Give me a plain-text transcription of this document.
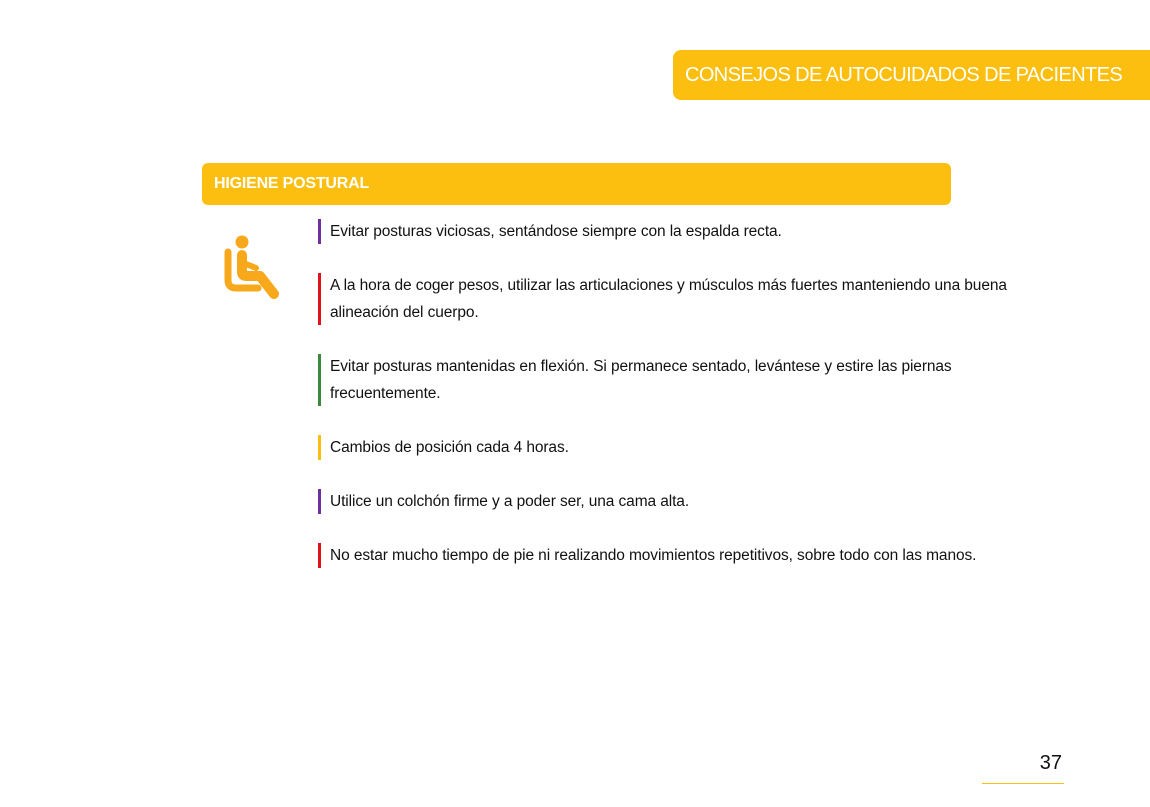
CONSEJOS DE AUTOCUIDADOS DE PACIENTES
HIGIENE POSTURAL
Evitar posturas viciosas, sentándose siempre con la espalda recta.
A la hora de coger pesos, utilizar las articulaciones y músculos más fuertes manteniendo una buena alineación del cuerpo.
Evitar posturas mantenidas en flexión. Si permanece sentado, levántese y estire las piernas frecuentemente.
Cambios de posición cada 4 horas.
Utilice un colchón firme y a poder ser, una cama alta.
No estar mucho tiempo de pie ni realizando movimientos repetitivos, sobre todo con las manos.
37
